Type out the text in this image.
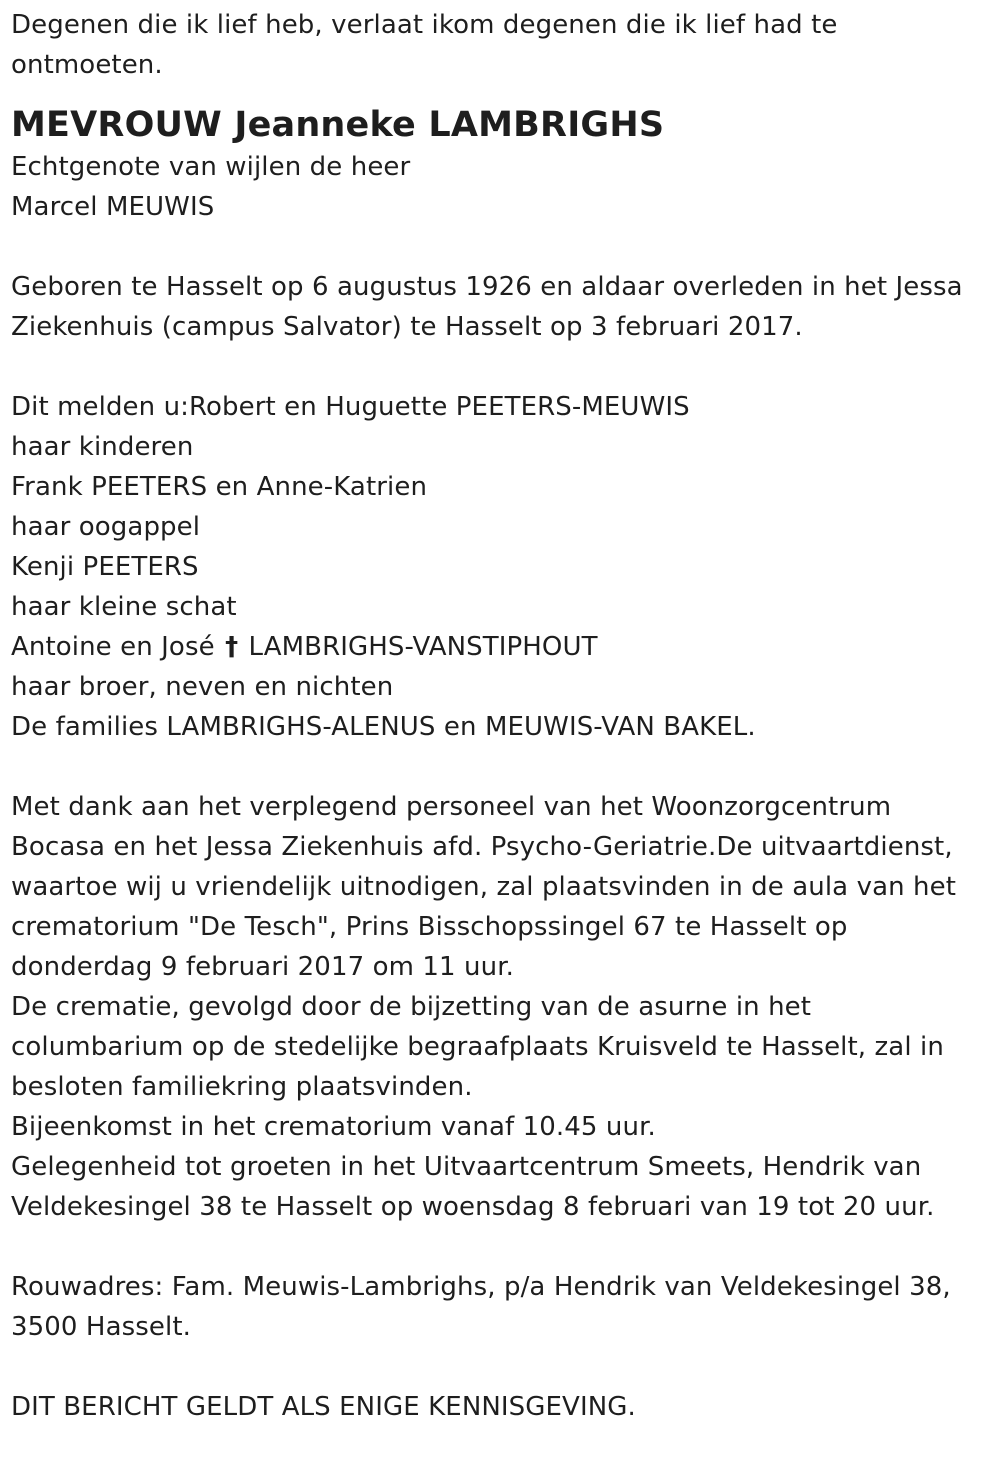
Degenen die ik lief heb, verlaat ikom degenen die ik lief had te
ontmoeten.
MEVROUW Jeanneke LAMBRIGHS
Echtgenote van wijlen de heer
Marcel MEUWIS
Geboren te Hasselt op 6 augustus 1926 en aldaar overleden in het Jessa
Ziekenhuis (campus Salvator) te Hasselt op 3 februari 2017.
Dit melden u:Robert en Huguette PEETERS-MEUWIS
haar kinderen
Frank PEETERS en Anne-Katrien
haar oogappel
Kenji PEETERS
haar kleine schat
Antoine en José † LAMBRIGHS-VANSTIPHOUT
haar broer, neven en nichten
De families LAMBRIGHS-ALENUS en MEUWIS-VAN BAKEL.
Met dank aan het verplegend personeel van het Woonzorgcentrum
Bocasa en het Jessa Ziekenhuis afd. Psycho-Geriatrie.De uitvaartdienst,
waartoe wij u vriendelijk uitnodigen, zal plaatsvinden in de aula van het
crematorium "De Tesch", Prins Bisschopssingel 67 te Hasselt op
donderdag 9 februari 2017 om 11 uur.
De crematie, gevolgd door de bijzetting van de asurne in het
columbarium op de stedelijke begraafplaats Kruisveld te Hasselt, zal in
besloten familiekring plaatsvinden.
Bijeenkomst in het crematorium vanaf 10.45 uur.
Gelegenheid tot groeten in het Uitvaartcentrum Smeets, Hendrik van
Veldekesingel 38 te Hasselt op woensdag 8 februari van 19 tot 20 uur.
Rouwadres: Fam. Meuwis-Lambrighs, p/a Hendrik van Veldekesingel 38,
3500 Hasselt.
DIT BERICHT GELDT ALS ENIGE KENNISGEVING.
